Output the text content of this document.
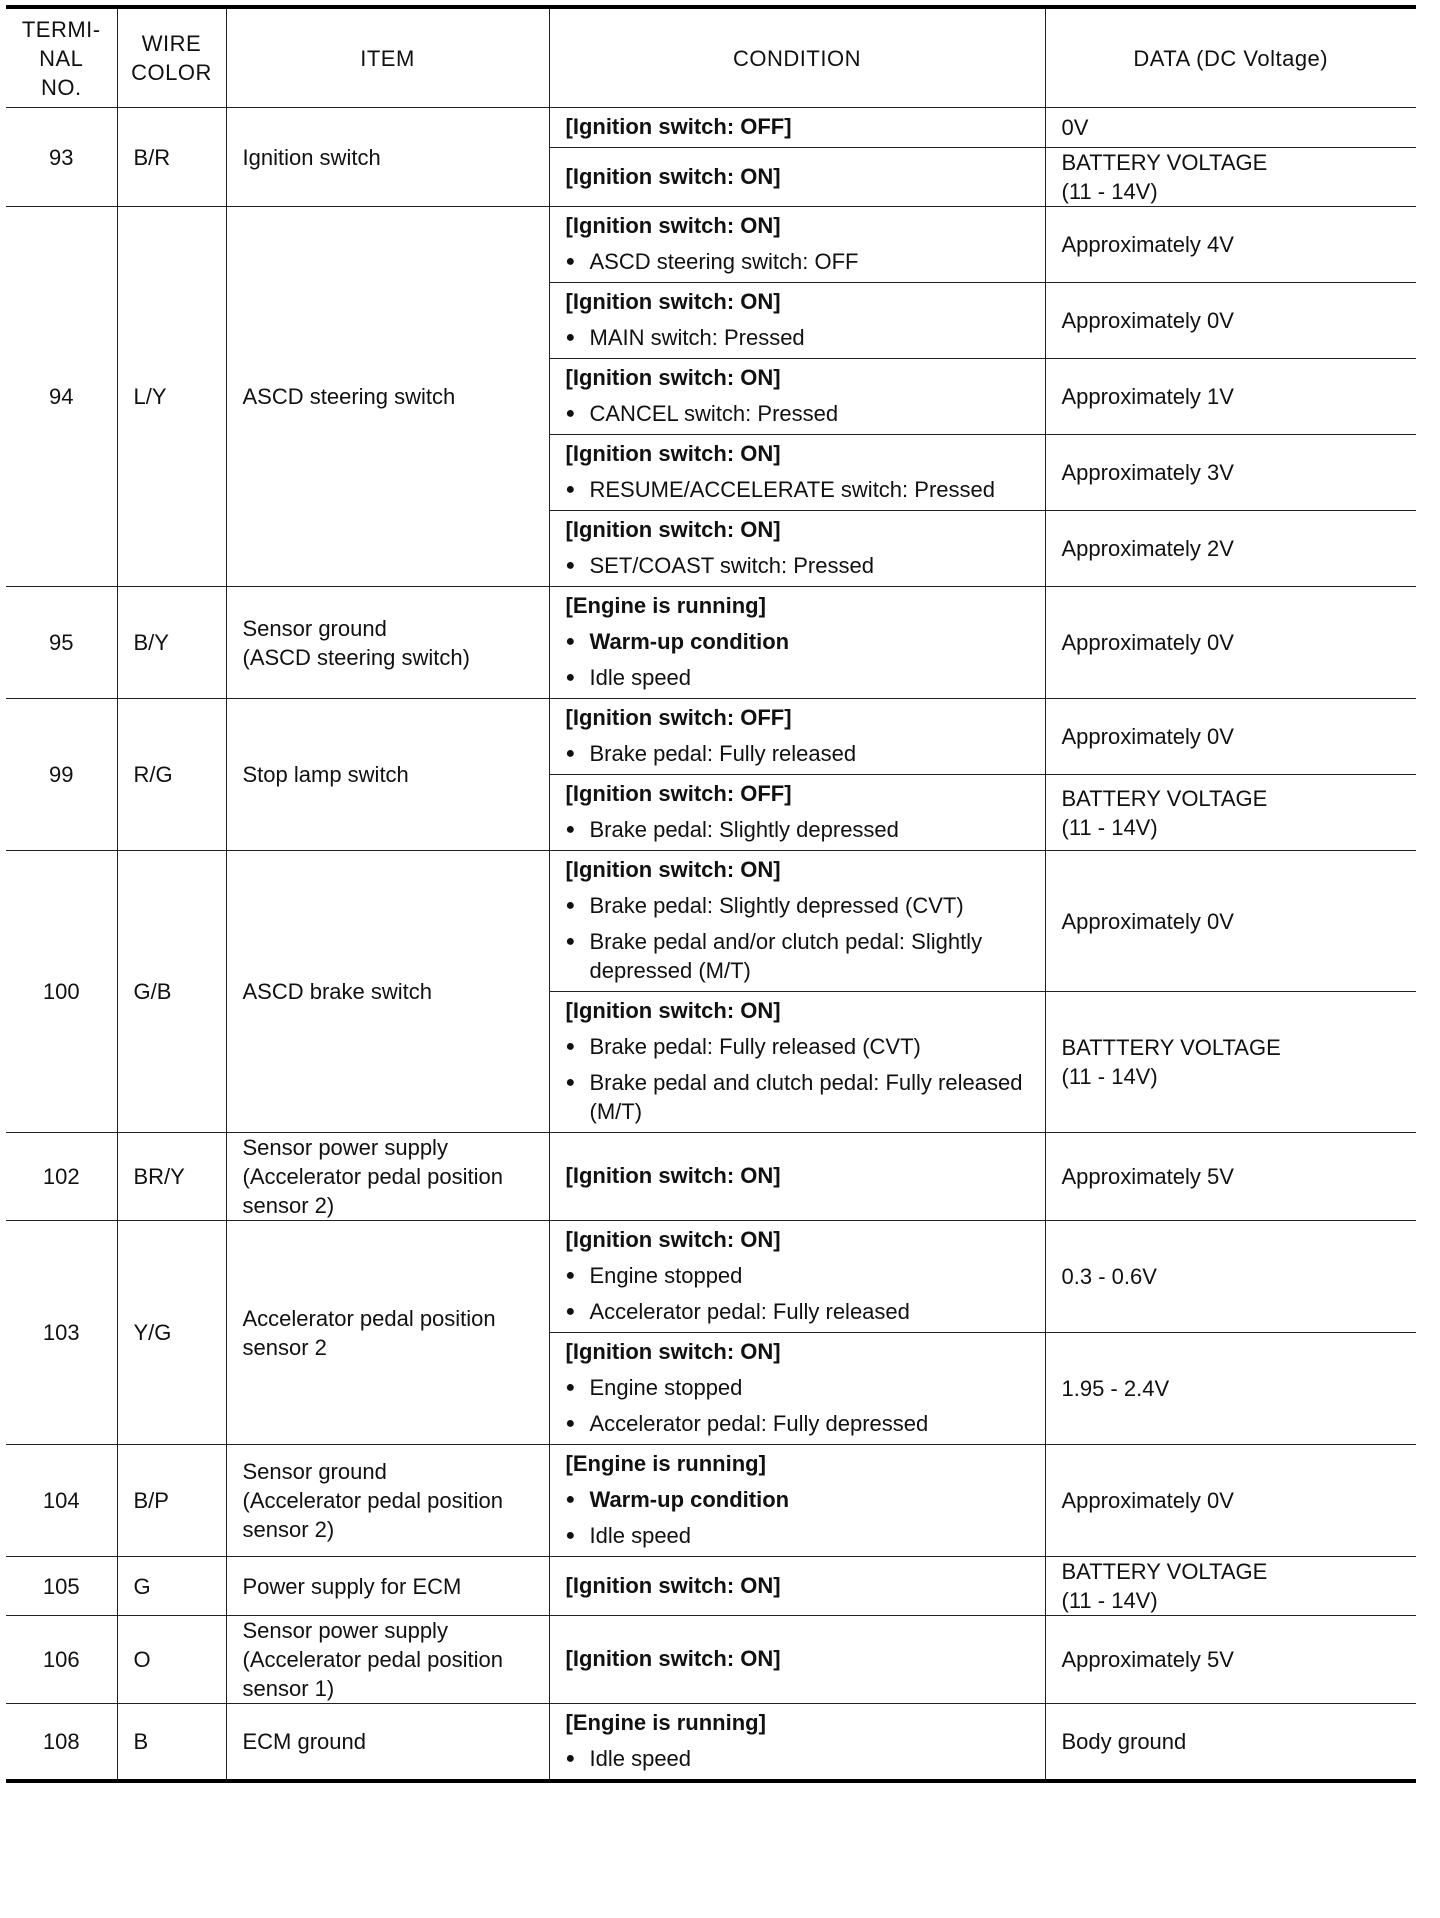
TERMI-
NAL
NO.	WIRE
COLOR	ITEM	CONDITION	DATA (DC Voltage)
93	B/R	Ignition switch	[Ignition switch: OFF]	0V

			[Ignition switch: ON]	BATTERY VOLTAGE
(11 - 14V)

94	L/Y	ASCD steering switch	[Ignition switch: ON]
● ASCD steering switch: OFF	Approximately 4V

			[Ignition switch: ON]
● MAIN switch: Pressed	Approximately 0V

			[Ignition switch: ON]
● CANCEL switch: Pressed	Approximately 1V

			[Ignition switch: ON]
● RESUME/ACCELERATE switch: Pressed	Approximately 3V

			[Ignition switch: ON]
● SET/COAST switch: Pressed	Approximately 2V

95	B/Y	Sensor ground
(ASCD steering switch)	[Engine is running]
● Warm-up condition
● Idle speed	Approximately 0V

99	R/G	Stop lamp switch	[Ignition switch: OFF]
● Brake pedal: Fully released	Approximately 0V

			[Ignition switch: OFF]
● Brake pedal: Slightly depressed	BATTERY VOLTAGE
(11 - 14V)

100	G/B	ASCD brake switch	[Ignition switch: ON]
● Brake pedal: Slightly depressed (CVT)
● Brake pedal and/or clutch pedal: Slightly depressed (M/T)	Approximately 0V

			[Ignition switch: ON]
● Brake pedal: Fully released (CVT)
● Brake pedal and clutch pedal: Fully released (M/T)	BATTTERY VOLTAGE
(11 - 14V)

102	BR/Y	Sensor power supply
(Accelerator pedal position
sensor 2)	[Ignition switch: ON]	Approximately 5V

103	Y/G	Accelerator pedal position
sensor 2	[Ignition switch: ON]
● Engine stopped
● Accelerator pedal: Fully released	0.3 - 0.6V

			[Ignition switch: ON]
● Engine stopped
● Accelerator pedal: Fully depressed	1.95 - 2.4V

104	B/P	Sensor ground
(Accelerator pedal position
sensor 2)	[Engine is running]
● Warm-up condition
● Idle speed	Approximately 0V

105	G	Power supply for ECM	[Ignition switch: ON]	BATTERY VOLTAGE
(11 - 14V)

106	O	Sensor power supply
(Accelerator pedal position
sensor 1)	[Ignition switch: ON]	Approximately 5V

108	B	ECM ground	[Engine is running]
● Idle speed	Body ground
